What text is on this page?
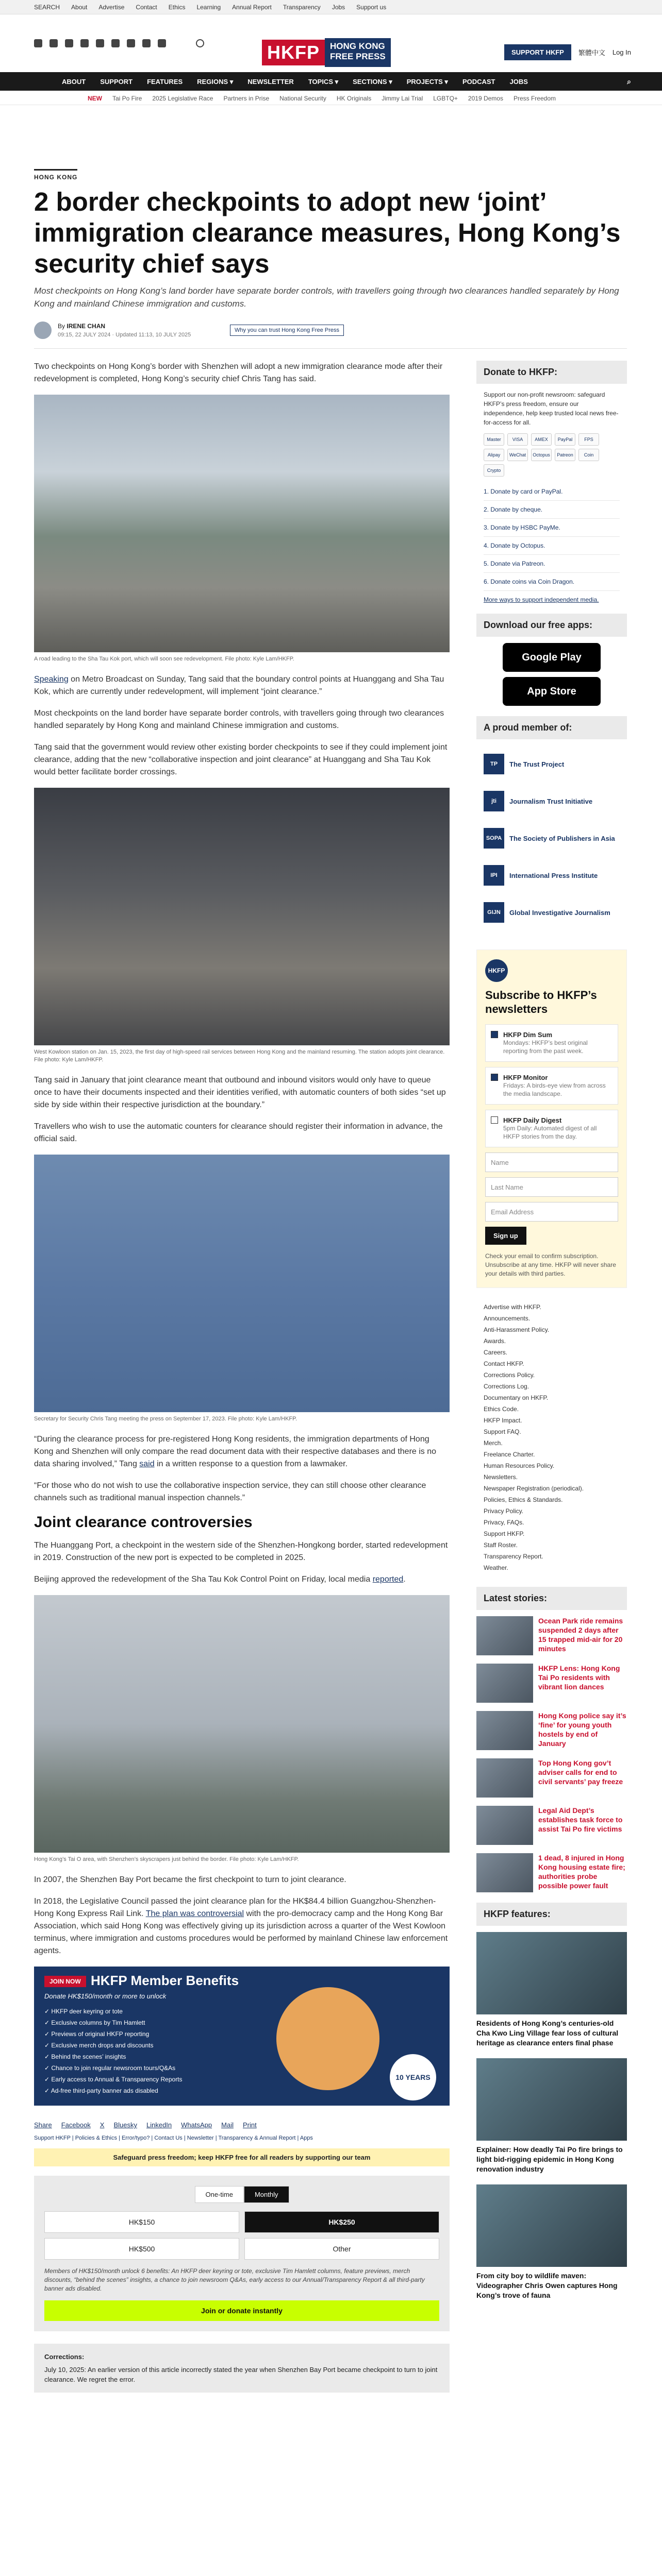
SEARCH About Advertise Contact Ethics Learning Annual Report Transparency Jobs Support us
HKFP	HONG KONG
FREE PRESS	SUPPORT HKFP	繁體中文 Log In
ABOUT SUPPORT FEATURES REGIONS ▾ NEWSLETTER TOPICS ▾ SECTIONS ▾ PROJECTS ▾ PODCAST JOBS	⌕
NEW Tai Po Fire 2025 Legislative Race Partners in Prise National Security HK Originals Jimmy Lai Trial LGBTQ+ 2019 Demos Press Freedom
HONG KONG
2 border checkpoints to adopt new ‘joint’ immigration clearance measures, Hong Kong’s security chief says

Most checkpoints on Hong Kong’s land border have separate border controls, with travellers going through two clearances handled separately by Hong Kong and mainland Chinese immigration and customs.

By IRENE CHAN
09:15, 22 JULY 2024 · Updated 11:13, 10 JULY 2025
Why you can trust Hong Kong Free Press

Two checkpoints on Hong Kong’s border with Shenzhen will adopt a new immigration clearance mode after their redevelopment is completed, Hong Kong’s security chief Chris Tang has said.

A road leading to the Sha Tau Kok port, which will soon see redevelopment. File photo: Kyle Lam/HKFP.

Speaking on Metro Broadcast on Sunday, Tang said that the boundary control points at Huanggang and Sha Tau Kok, which are currently under redevelopment, will implement “joint clearance.”

Most checkpoints on the land border have separate border controls, with travellers going through two clearances handled separately by Hong Kong and mainland Chinese immigration and customs.

Tang said that the government would review other existing border checkpoints to see if they could implement joint clearance, adding that the new “collaborative inspection and joint clearance” at Huanggang and Sha Tau Kok would better facilitate border crossings.

West Kowloon station on Jan. 15, 2023, the first day of high-speed rail services between Hong Kong and the mainland resuming. The station adopts joint clearance. File photo: Kyle Lam/HKFP.

Tang said in January that joint clearance meant that outbound and inbound visitors would only have to queue once to have their documents inspected and their identities verified, with automatic counters of both sides “set up side by side within their respective jurisdiction at the boundary.”

Travellers who wish to use the automatic counters for clearance should register their information in advance, the official said.

Secretary for Security Chris Tang meeting the press on September 17, 2023. File photo: Kyle Lam/HKFP.

“During the clearance process for pre-registered Hong Kong residents, the immigration departments of Hong Kong and Shenzhen will only compare the read document data with their respective databases and there is no data sharing involved,” Tang said in a written response to a question from a lawmaker.

“For those who do not wish to use the collaborative inspection service, they can still choose other clearance channels such as traditional manual inspection channels.”

Joint clearance controversies

The Huanggang Port, a checkpoint in the western side of the Shenzhen-Hongkong border, started redevelopment in 2019. Construction of the new port is expected to be completed in 2025.

Beijing approved the redevelopment of the Sha Tau Kok Control Point on Friday, local media reported.

Hong Kong’s Tai O area, with Shenzhen’s skyscrapers just behind the border. File photo: Kyle Lam/HKFP.

In 2007, the Shenzhen Bay Port became the first checkpoint to turn to joint clearance.

In 2018, the Legislative Council passed the joint clearance plan for the HK$84.4 billion Guangzhou-Shenzhen-Hong Kong Express Rail Link. The plan was controversial with the pro-democracy camp and the Hong Kong Bar Association, which said Hong Kong was effectively giving up its jurisdiction across a quarter of the West Kowloon terminus, where immigration and customs procedures would be performed by mainland Chinese law enforcement agents.

JOIN NOW HKFP Member Benefits
Donate HK$150/month or more to unlock
✓ HKFP deer keyring or tote
✓ Exclusive columns by Tim Hamlett
✓ Previews of original HKFP reporting
✓ Exclusive merch drops and discounts
✓ Behind the scenes’ insights
✓ Chance to join regular newsroom tours/Q&As
✓ Early access to Annual & Transparency Reports
✓ Ad-free third-party banner ads disabled
10 YEARS
Share Facebook X Bluesky LinkedIn WhatsApp Mail Print
Support HKFP | Policies & Ethics | Error/typo? | Contact Us | Newsletter | Transparency & Annual Report | Apps
Safeguard press freedom; keep HKFP free for all readers by supporting our team
One-time	Monthly
HK$150	HK$250
HK$500	Other
Members of HK$150/month unlock 6 benefits: An HKFP deer keyring or tote, exclusive Tim Hamlett columns, feature previews, merch discounts, “behind the scenes” insights, a chance to join newsroom Q&As, early access to our Annual/Transparency Report & all third-party banner ads disabled.
Join or donate instantly
Corrections:
July 10, 2025: An earlier version of this article incorrectly stated the year when Shenzhen Bay Port became checkpoint to turn to joint clearance. We regret the error.
Donate to HKFP:
Support our non-profit newsroom: safeguard HKFP’s press freedom, ensure our independence, help keep trusted local news free-for-access for all.
Master	VISA	AMEX	PayPal	FPS
Alipay	WeChat	Octopus	Patreon	Coin
Crypto
1. Donate by card or PayPal.
2. Donate by cheque.
3. Donate by HSBC PayMe.
4. Donate by Octopus.
5. Donate via Patreon.
6. Donate coins via Coin Dragon.
More ways to support independent media.
Download our free apps:
Google Play
App Store
A proud member of:
TP	The Trust Project
jti	Journalism Trust Initiative
SOPA	The Society of Publishers in Asia
IPI	International Press Institute
GIJN	Global Investigative Journalism
HKFP
Subscribe to HKFP’s newsletters
HKFP Dim Sum
Mondays: HKFP’s best original reporting from the past week.
HKFP Monitor
Fridays: A birds-eye view from across the media landscape.
HKFP Daily Digest
5pm Daily: Automated digest of all HKFP stories from the day.
Name
Last Name
Email Address
Sign up
Check your email to confirm subscription. Unsubscribe at any time. HKFP will never share your details with third parties.
Advertise with HKFP.
Announcements.
Anti-Harassment Policy.
Awards.
Careers.
Contact HKFP.
Corrections Policy.
Corrections Log.
Documentary on HKFP.
Ethics Code.
HKFP Impact.
Support FAQ.
Merch.
Freelance Charter.
Human Resources Policy.
Newsletters.
Newspaper Registration (periodical).
Policies, Ethics & Standards.
Privacy Policy.
Privacy, FAQs.
Support HKFP.
Staff Roster.
Transparency Report.
Weather.
Latest stories:
Ocean Park ride remains suspended 2 days after 15 trapped mid-air for 20 minutes
HKFP Lens: Hong Kong Tai Po residents with vibrant lion dances
Hong Kong police say it’s ‘fine’ for young youth hostels by end of January
Top Hong Kong gov’t adviser calls for end to civil servants’ pay freeze
Legal Aid Dept’s establishes task force to assist Tai Po fire victims
1 dead, 8 injured in Hong Kong housing estate fire; authorities probe possible power fault
HKFP features:
Residents of Hong Kong’s centuries-old Cha Kwo Ling Village fear loss of cultural heritage as clearance enters final phase
Explainer: How deadly Tai Po fire brings to light bid-rigging epidemic in Hong Kong renovation industry
From city boy to wildlife maven: Videographer Chris Owen captures Hong Kong’s trove of fauna
